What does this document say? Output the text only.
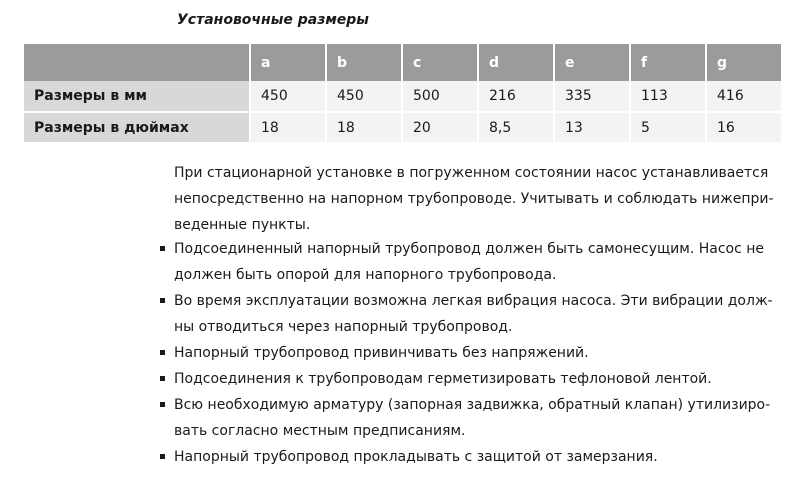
Установочные размеры
	a	b	c	d	e	f	g
Размеры в мм	450	450	500	216	335	113	416
Размеры в дюймах	18	18	20	8,5	13	5	16

При стационарной установке в погруженном состоянии насос устанавливается
непосредственно на напорном трубопроводе. Учитывать и соблюдать нижепри-
веденные пункты.

Подсоединенный напорный трубопровод должен быть самонесущим. Насос не
должен быть опорой для напорного трубопровода.
Во время эксплуатации возможна легкая вибрация насоса. Эти вибрации долж-
ны отводиться через напорный трубопровод.
Напорный трубопровод привинчивать без напряжений.
Подсоединения к трубопроводам герметизировать тефлоновой лентой.
Всю необходимую арматуру (запорная задвижка, обратный клапан) утилизиро-
вать согласно местным предписаниям.
Напорный трубопровод прокладывать с защитой от замерзания.
